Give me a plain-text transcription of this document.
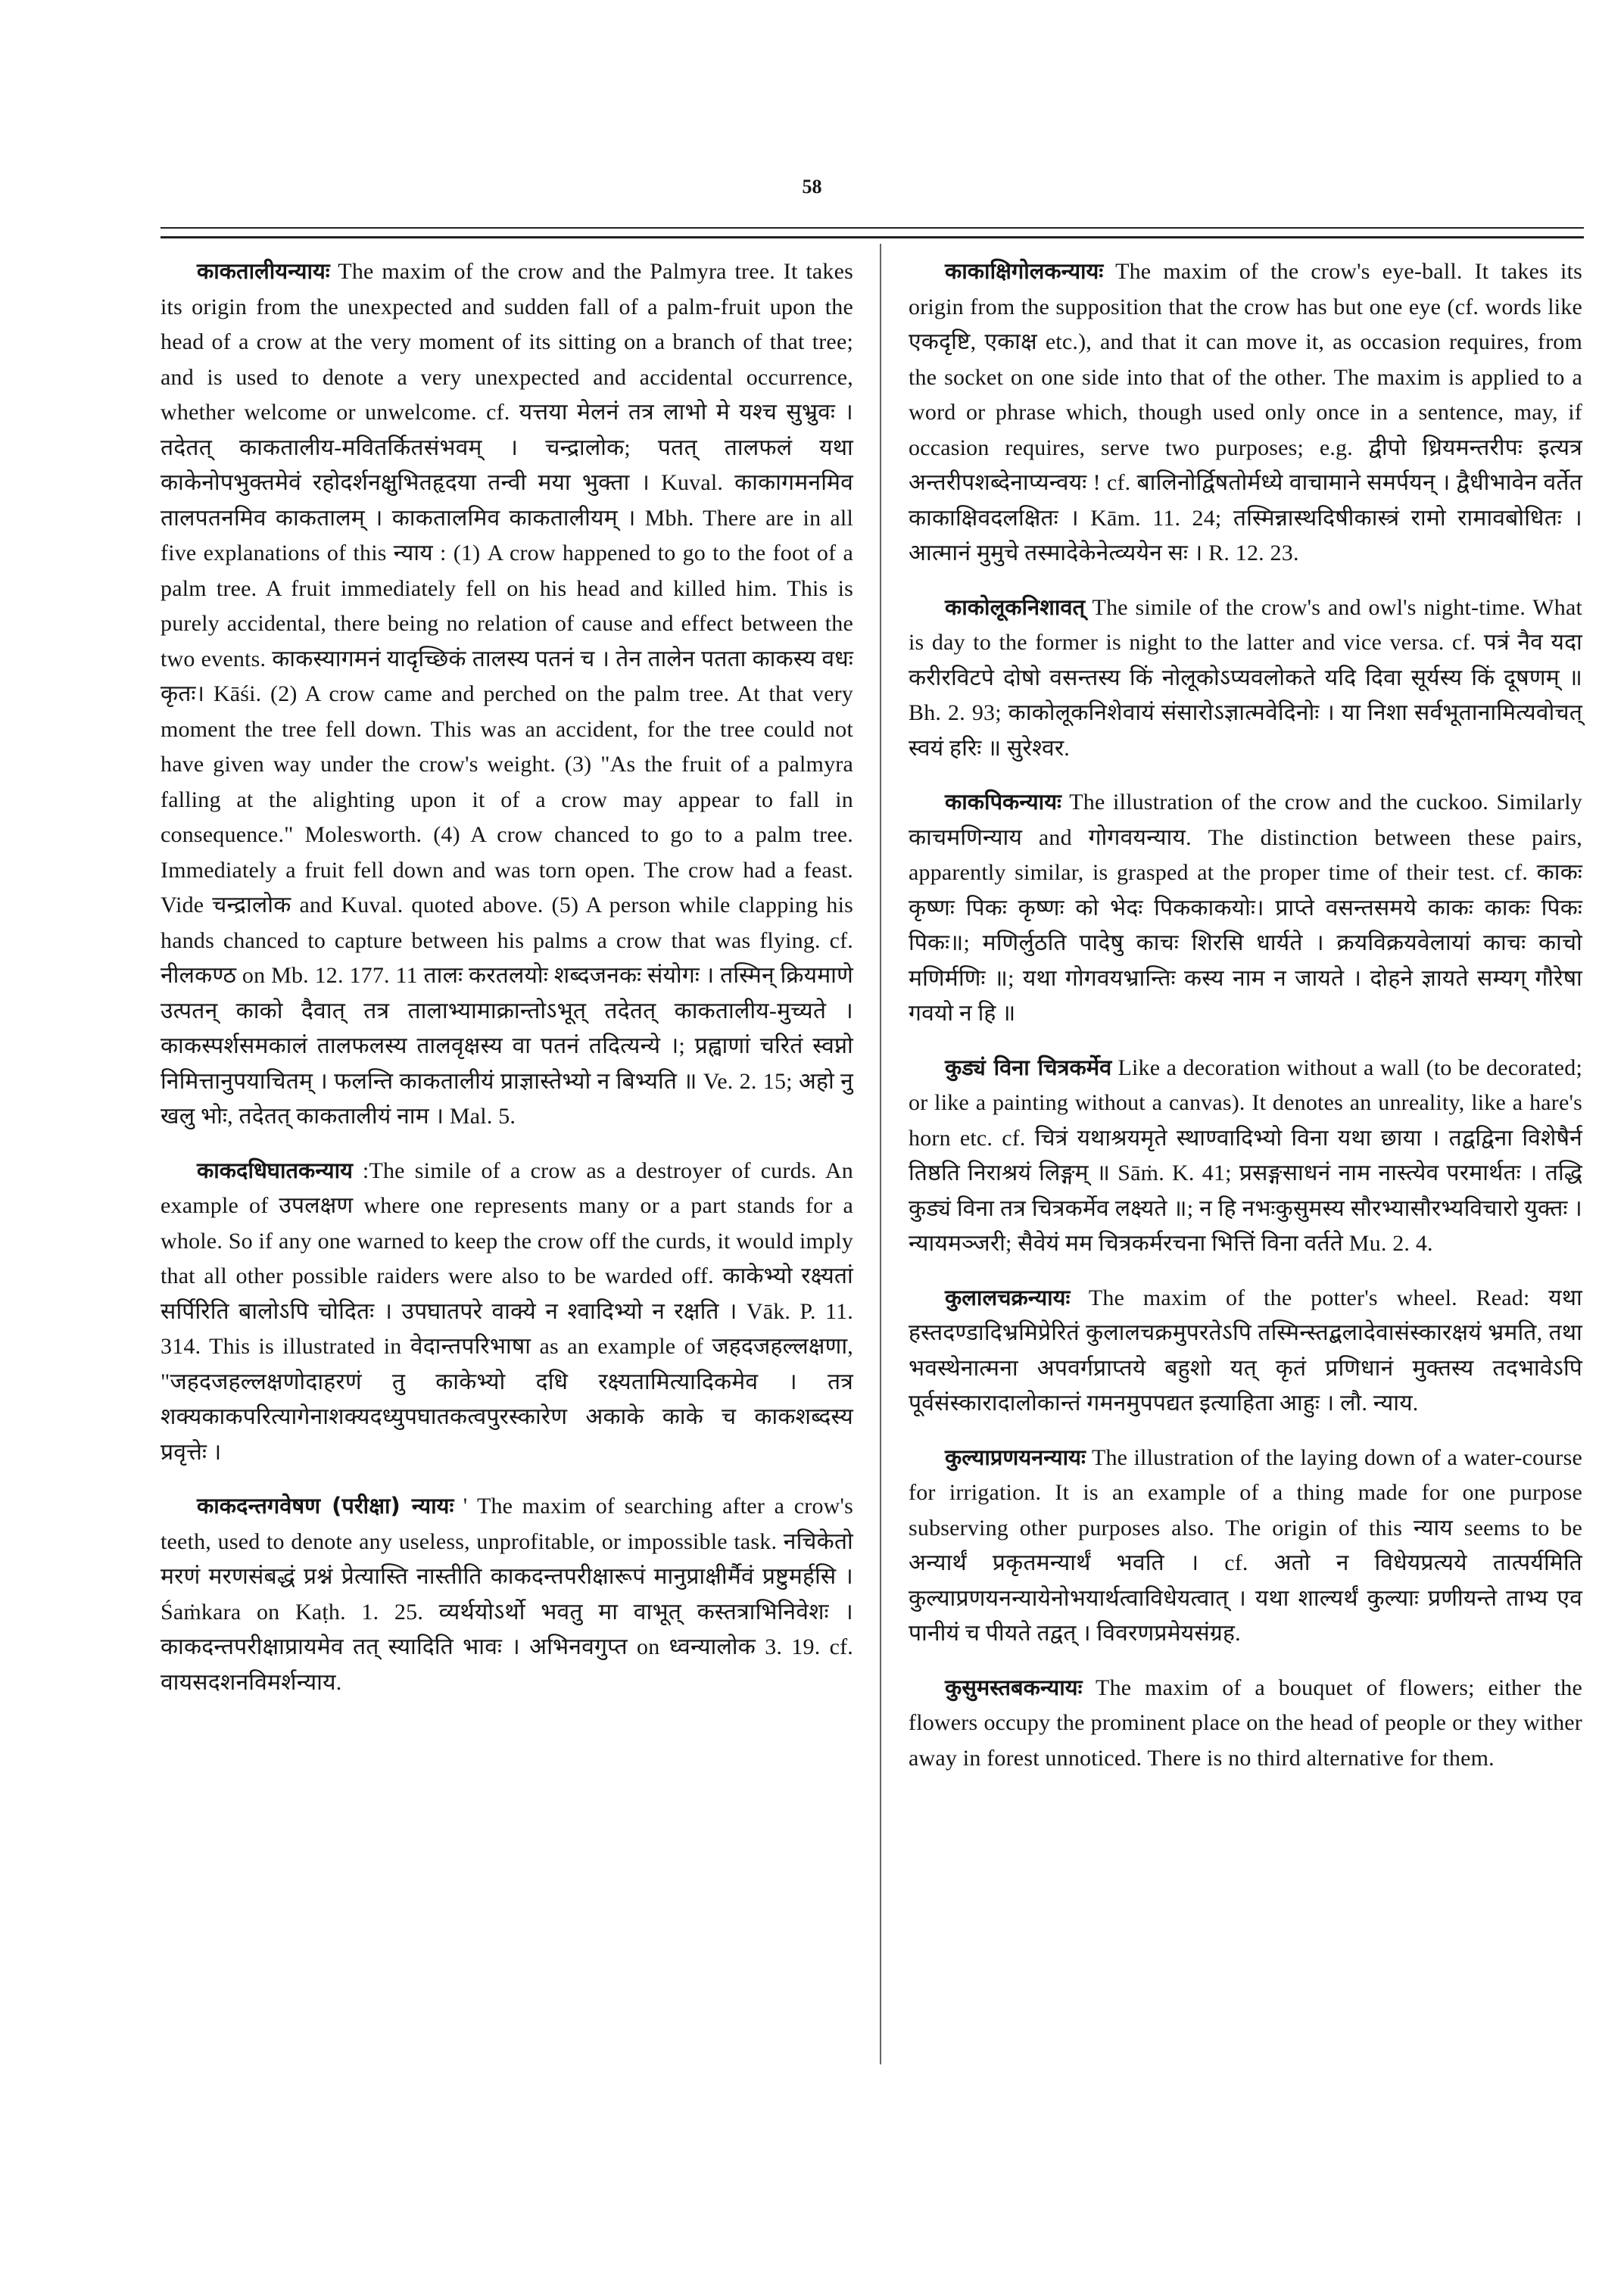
58

काकतालीयन्यायः The maxim of the crow and the Palmyra tree. It takes its origin from the unexpected and sudden fall of a palm-fruit upon the head of a crow at the very moment of its sitting on a branch of that tree; and is used to denote a very unexpected and accidental occurrence, whether welcome or unwelcome. cf. यत्तया मेलनं तत्र लाभो मे यश्च सुभ्रुवः । तदेतत् काकतालीय-मवितर्कितसंभवम् । चन्द्रालोक; पतत् तालफलं यथा काकेनोपभुक्तमेवं रहोदर्शनक्षुभितहृदया तन्वी मया भुक्ता । Kuval. काकागमनमिव तालपतनमिव काकतालम् । काकतालमिव काकतालीयम् । Mbh. There are in all five explanations of this न्याय : (1) A crow happened to go to the foot of a palm tree. A fruit immediately fell on his head and killed him. This is purely accidental, there being no relation of cause and effect between the two events. काकस्यागमनं यादृच्छिकं तालस्य पतनं च । तेन तालेन पतता काकस्य वधः कृतः। Kāśi. (2) A crow came and perched on the palm tree. At that very moment the tree fell down. This was an accident, for the tree could not have given way under the crow's weight. (3) "As the fruit of a palmyra falling at the alighting upon it of a crow may appear to fall in consequence." Molesworth. (4) A crow chanced to go to a palm tree. Immediately a fruit fell down and was torn open. The crow had a feast. Vide चन्द्रालोक and Kuval. quoted above. (5) A person while clapping his hands chanced to capture between his palms a crow that was flying. cf. नीलकण्ठ on Mb. 12. 177. 11 तालः करतलयोः शब्दजनकः संयोगः । तस्मिन् क्रियमाणे उत्पतन् काको दैवात् तत्र तालाभ्यामाक्रान्तोऽभूत् तदेतत् काकतालीय-मुच्यते । काकस्पर्शसमकालं तालफलस्य तालवृक्षस्य वा पतनं तदित्यन्ये ।; प्रह्वाणां चरितं स्वप्नो निमित्तानुपयाचितम् । फलन्ति काकतालीयं प्राज्ञास्तेभ्यो न बिभ्यति ॥ Ve. 2. 15; अहो नु खलु भोः, तदेतत् काकतालीयं नाम । Mal. 5.

काकदधिघातकन्याय :The simile of a crow as a destroyer of curds. An example of उपलक्षण where one represents many or a part stands for a whole. So if any one warned to keep the crow off the curds, it would imply that all other possible raiders were also to be warded off. काकेभ्यो रक्ष्यतां सर्पिरिति बालोऽपि चोदितः । उपघातपरे वाक्ये न श्वादिभ्यो न रक्षति । Vāk. P. 11. 314. This is illustrated in वेदान्तपरिभाषा as an example of जहदजहल्लक्षणा, "जहदजहल्लक्षणोदाहरणं तु काकेभ्यो दधि रक्ष्यतामित्यादिकमेव । तत्र शक्यकाकपरित्यागेनाशक्यदध्युपघातकत्वपुरस्कारेण अकाके काके च काकशब्दस्य प्रवृत्तेः ।

काकदन्तगवेषण (परीक्षा) न्यायः ' The maxim of searching after a crow's teeth, used to denote any useless, unprofitable, or impossible task. नचिकेतो मरणं मरणसंबद्धं प्रश्नं प्रेत्यास्ति नास्तीति काकदन्तपरीक्षारूपं मानुप्राक्षीर्मैवं प्रष्टुमर्हसि । Śaṁkara on Kaṭh. 1. 25. व्यर्थयोऽर्थो भवतु मा वाभूत् कस्तत्राभिनिवेशः । काकदन्तपरीक्षाप्रायमेव तत् स्यादिति भावः । अभिनवगुप्त on ध्वन्यालोक 3. 19. cf. वायसदशनविमर्शन्याय.

काकाक्षिगोलकन्यायः The maxim of the crow's eye-ball. It takes its origin from the supposition that the crow has but one eye (cf. words like एकदृष्टि, एकाक्ष etc.), and that it can move it, as occasion requires, from the socket on one side into that of the other. The maxim is applied to a word or phrase which, though used only once in a sentence, may, if occasion requires, serve two purposes; e.g. द्वीपो ध्रियमन्तरीपः इत्यत्र अन्तरीपशब्देनाप्यन्वयः ! cf. बालिनोर्द्विषतोर्मध्ये वाचामाने समर्पयन् । द्वैधीभावेन वर्तेत काकाक्षिवदलक्षितः । Kām. 11. 24; तस्मिन्नास्थदिषीकास्त्रं रामो रामावबोधितः । आत्मानं मुमुचे तस्मादेकेनेत्व्ययेन सः । R. 12. 23.

काकोलूकनिशावत् The simile of the crow's and owl's night-time. What is day to the former is night to the latter and vice versa. cf. पत्रं नैव यदा करीरविटपे दोषो वसन्तस्य किं नोलूकोऽप्यवलोकते यदि दिवा सूर्यस्य किं दूषणम् ॥ Bh. 2. 93; काकोलूकनिशेवायं संसारोऽज्ञात्मवेदिनोः । या निशा सर्वभूतानामित्यवोचत् स्वयं हरिः ॥ सुरेश्वर.

काकपिकन्यायः The illustration of the crow and the cuckoo. Similarly काचमणिन्याय and गोगवयन्याय. The distinction between these pairs, apparently similar, is grasped at the proper time of their test. cf. काकः कृष्णः पिकः कृष्णः को भेदः पिककाकयोः। प्राप्ते वसन्तसमये काकः काकः पिकः पिकः॥; मणिर्लुठति पादेषु काचः शिरसि धार्यते । क्रयविक्रयवेलायां काचः काचो मणिर्मणिः ॥; यथा गोगवयभ्रान्तिः कस्य नाम न जायते । दोहने ज्ञायते सम्यग् गौरेषा गवयो न हि ॥

कुड्यं विना चित्रकर्मेव Like a decoration without a wall (to be decorated; or like a painting without a canvas). It denotes an unreality, like a hare's horn etc. cf. चित्रं यथाश्रयमृते स्थाण्वादिभ्यो विना यथा छाया । तद्वद्विना विशेषैर्न तिष्ठति निराश्रयं लिङ्गम् ॥ Sāṁ. K. 41; प्रसङ्गसाधनं नाम नास्त्येव परमार्थतः । तद्धि कुड्यं विना तत्र चित्रकर्मेव लक्ष्यते ॥; न हि नभःकुसुमस्य सौरभ्यासौरभ्यविचारो युक्तः । न्यायमञ्जरी; सैवेयं मम चित्रकर्मरचना भित्तिं विना वर्तते Mu. 2. 4.

कुलालचक्रन्यायः The maxim of the potter's wheel. Read: यथा हस्तदण्डादिभ्रमिप्रेरितं कुलालचक्रमुपरतेऽपि तस्मिन्स्तद्बलादेवासंस्कारक्षयं भ्रमति, तथा भवस्थेनात्मना अपवर्गप्राप्तये बहुशो यत् कृतं प्रणिधानं मुक्तस्य तदभावेऽपि पूर्वसंस्कारादालोकान्तं गमनमुपपद्यत इत्याहिता आहुः । लौ. न्याय.

कुल्याप्रणयनन्यायः The illustration of the laying down of a water-course for irrigation. It is an example of a thing made for one purpose subserving other purposes also. The origin of this न्याय seems to be अन्यार्थं प्रकृतमन्यार्थं भवति । cf. अतो न विधेयप्रत्यये तात्पर्यमिति कुल्याप्रणयनन्यायेनोभयार्थत्वाविधेयत्वात् । यथा शाल्यर्थं कुल्याः प्रणीयन्ते ताभ्य एव पानीयं च पीयते तद्वत् । विवरणप्रमेयसंग्रह.

कुसुमस्तबकन्यायः The maxim of a bouquet of flowers; either the flowers occupy the prominent place on the head of people or they wither away in forest unnoticed. There is no third alternative for them.
